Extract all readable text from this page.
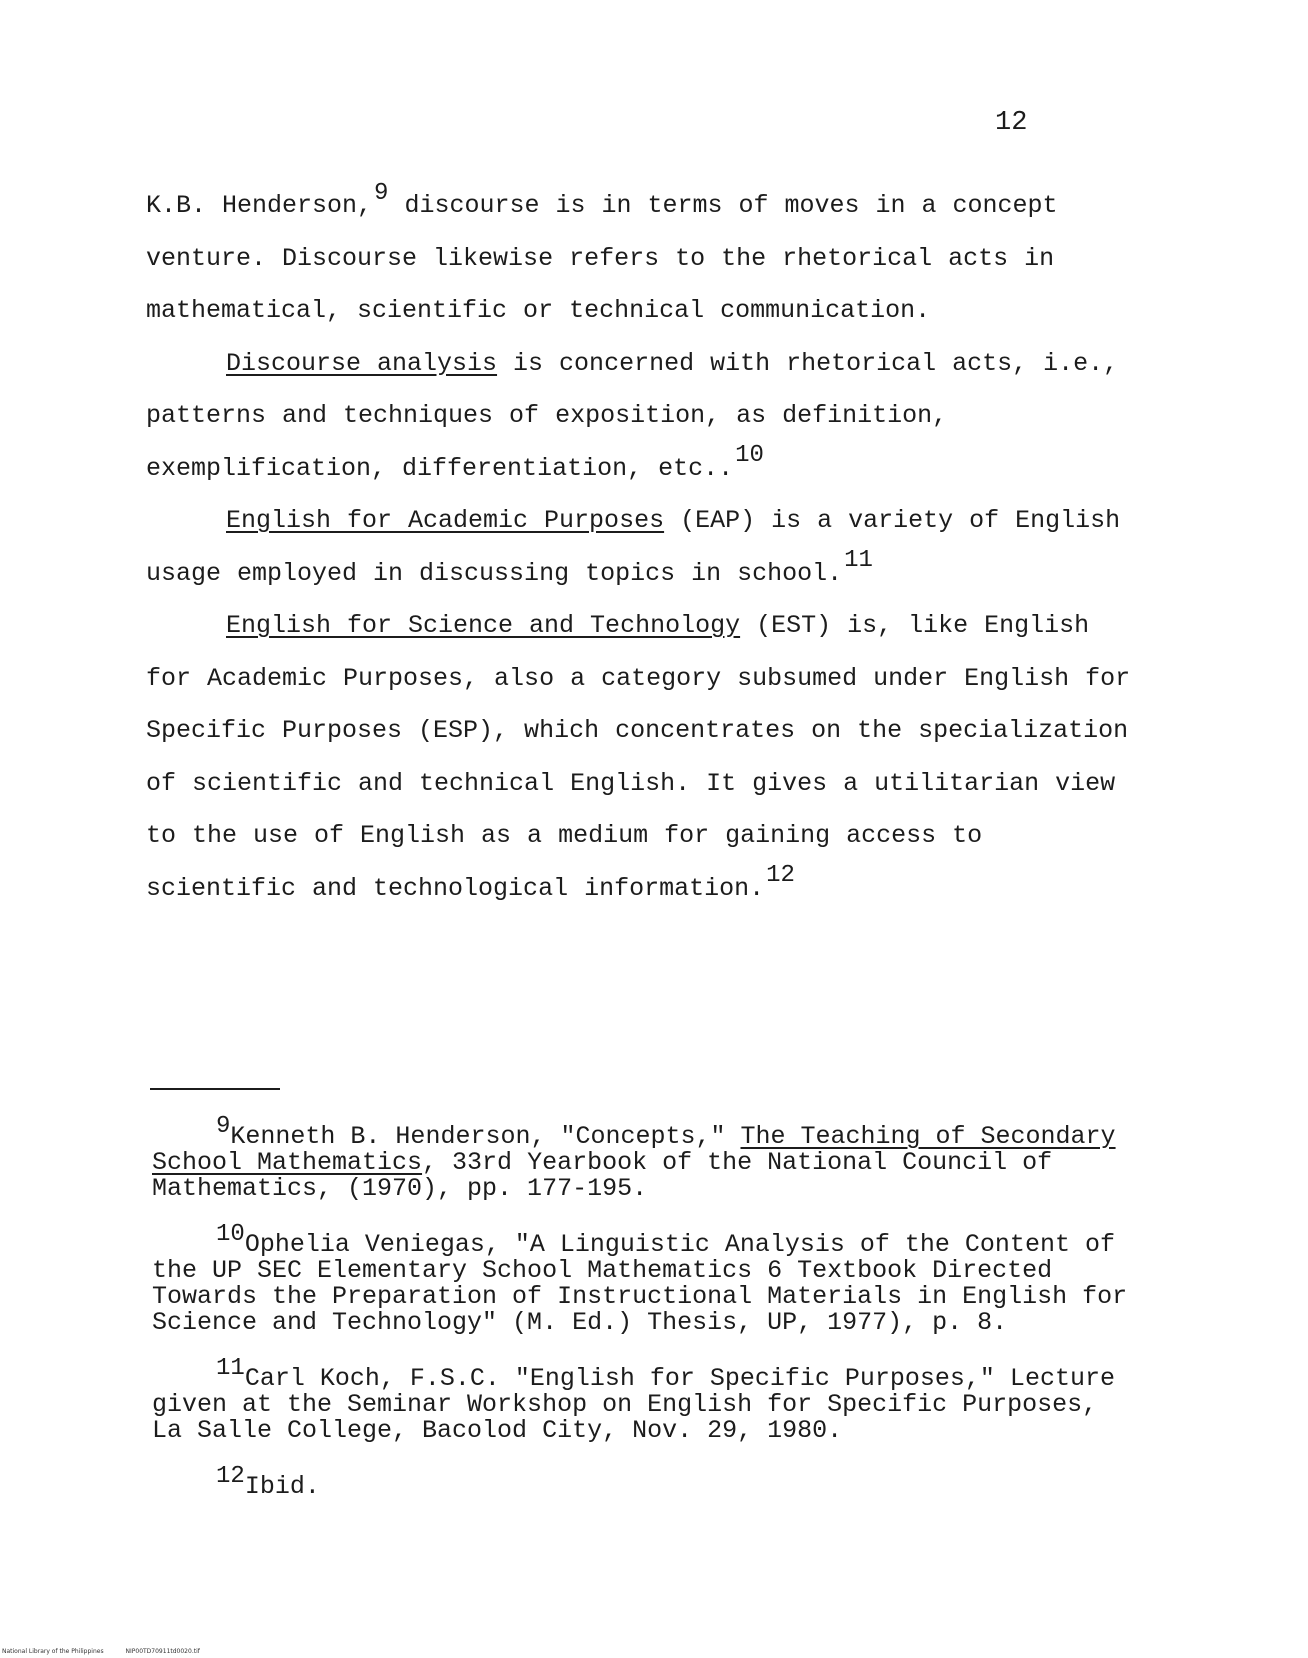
12

K.B. Henderson,$^9$ discourse is in terms of moves in a concept venture. Discourse likewise refers to the rhetorical acts in mathematical, scientific or technical communication.

Discourse analysis is concerned with rhetorical acts, i.e., patterns and techniques of exposition, as definition, exemplification, differentiation, etc..$^{10}$

English for Academic Purposes (EAP) is a variety of English usage employed in discussing topics in school.$^{11}$

English for Science and Technology (EST) is, like English for Academic Purposes, also a category subsumed under English for Specific Purposes (ESP), which concentrates on the specialization of scientific and technical English. It gives a utilitarian view to the use of English as a medium for gaining access to scientific and technological information.$^{12}$

$^9$Kenneth B. Henderson, "Concepts," The Teaching of Secondary School Mathematics, 33rd Yearbook of the National Council of Mathematics, (1970), pp. 177-195.

$^{10}$Ophelia Veniegas, "A Linguistic Analysis of the Content of the UP SEC Elementary School Mathematics 6 Textbook Directed Towards the Preparation of Instructional Materials in English for Science and Technology" (M. Ed.) Thesis, UP, 1977), p. 8.

$^{11}$Carl Koch, F.S.C. "English for Specific Purposes," Lecture given at the Seminar Workshop on English for Specific Purposes, La Salle College, Bacolod City, Nov. 29, 1980.

$^{12}$Ibid.

National Library of the Philippines	NIP00TD70911td0020.tif
